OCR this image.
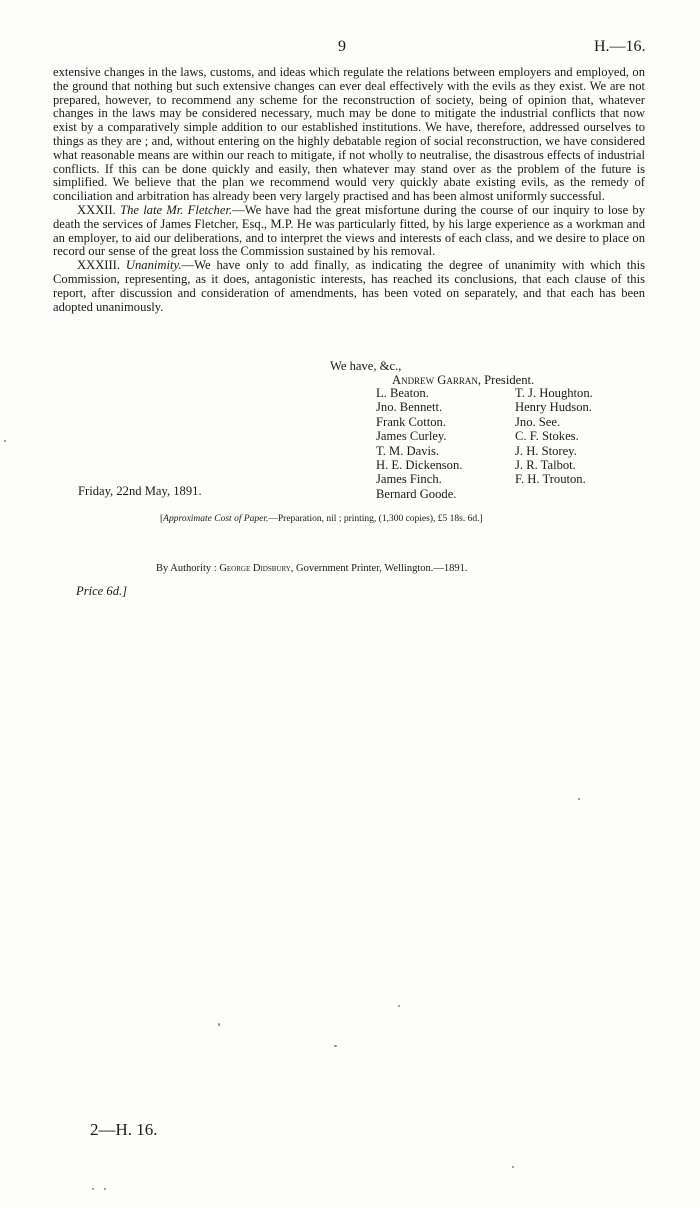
9	H.—16.

extensive changes in the laws, customs, and ideas which regulate the relations between employers and employed, on the ground that nothing but such extensive changes can ever deal effectively with the evils as they exist. We are not prepared, however, to recommend any scheme for the reconstruction of society, being of opinion that, whatever changes in the laws may be considered necessary, much may be done to mitigate the industrial conflicts that now exist by a comparatively simple addition to our established institutions. We have, therefore, addressed ourselves to things as they are ; and, without entering on the highly debatable region of social reconstruction, we have considered what reasonable means are within our reach to mitigate, if not wholly to neutralise, the disastrous effects of industrial conflicts. If this can be done quickly and easily, then whatever may stand over as the problem of the future is simplified. We believe that the plan we recommend would very quickly abate existing evils, as the remedy of conciliation and arbitration has already been very largely practised and has been almost uniformly successful.

XXXII. The late Mr. Fletcher.—We have had the great misfortune during the course of our inquiry to lose by death the services of James Fletcher, Esq., M.P. He was particularly fitted, by his large experience as a workman and an employer, to aid our deliberations, and to interpret the views and interests of each class, and we desire to place on record our sense of the great loss the Commission sustained by his removal.

XXXIII. Unanimity.—We have only to add finally, as indicating the degree of unanimity with which this Commission, representing, as it does, antagonistic interests, has reached its conclusions, that each clause of this report, after discussion and consideration of amendments, has been voted on separately, and that each has been adopted unanimously.

We have, &c.,
Andrew Garran, President.
L. Beaton.
Jno. Bennett.
Frank Cotton.
James Curley.
T. M. Davis.
H. E. Dickenson.
James Finch.
Bernard Goode.
T. J. Houghton.
Henry Hudson.
Jno. See.
C. F. Stokes.
J. H. Storey.
J. R. Talbot.
F. H. Trouton.
Friday, 22nd May, 1891.
[Approximate Cost of Paper.—Preparation, nil ; printing, (1,300 copies), £5 18s. 6d.]
By Authority : George Didsbury, Government Printer, Wellington.—1891.
Price 6d.]
2—H. 16.
